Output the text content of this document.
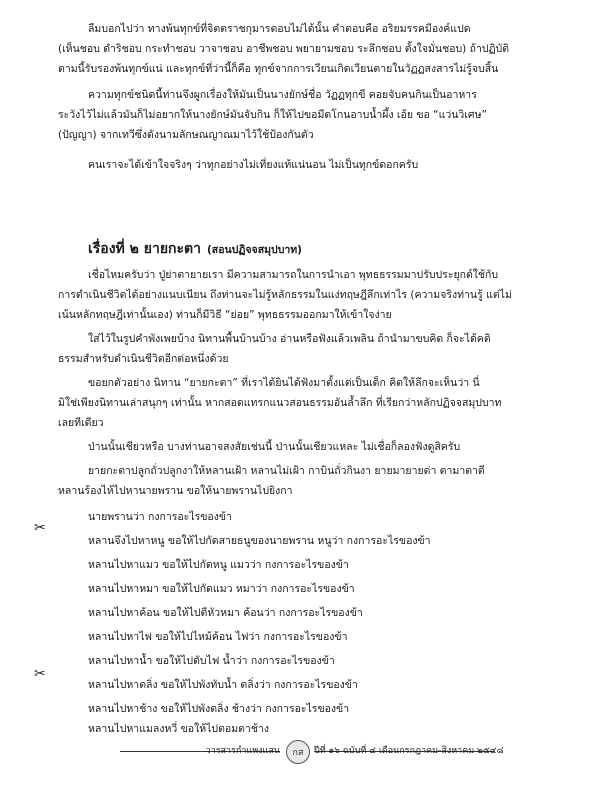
ลืมบอกไปว่า ทางพ้นทุกข์ที่จิตตราชกุมารตอบไม่ได้นั้น คำตอบคือ อริยมรรคมีองค์แปด
(เห็นชอบ ดำริชอบ กระทำชอบ วาจาชอบ อาชีพชอบ พยายามชอบ ระลึกชอบ ตั้งใจมั่นชอบ) ถ้าปฏิบัติ
ตามนี้รับรองพ้นทุกข์แน่ และทุกข์ที่ว่านี้ก็คือ ทุกข์จากการเวียนเกิดเวียนตายในวัฏฏสงสารไม่รู้จบสิ้น
ความทุกข์ชนิดนี้ท่านจึงผูกเรื่องให้มันเป็นนางยักษ์ชื่อ วัฏฏทุกขี คอยจับคนกินเป็นอาหาร
ระวังไว้ไม่แล้วมันก็ไม่อยากให้นางยักษ์มันจับกิน ก็ให้ไปขอมีดโกนอาบน้ำผึ้ง เอ้ย ขอ “แว่นวิเศษ”
(ปัญญา) จากเทวีซึ่งดังนามลักษณญาณมาไว้ใช้ป้องกันตัว
คนเราจะได้เข้าใจจริงๆ ว่าทุกอย่างไม่เที่ยงแท้แน่นอน ไม่เป็นทุกข์ดอกครับ
เรื่องที่ ๒ ยายกะตา (สอนปฏิจจสมุปบาท)
เชื่อไหมครับว่า ปู่ย่าตายายเรา มีความสามารถในการนำเอา พุทธธรรมมาปรับประยุกต์ใช้กับ
การดำเนินชีวิตได้อย่างแนบเนียน ถึงท่านจะไม่รู้หลักธรรมในแง่ทฤษฎีลึกเท่าไร (ความจริงท่านรู้ แต่ไม่
เน้นหลักทฤษฎีเท่านั้นเอง) ท่านก็มีวิธี “ย่อย” พุทธธรรมออกมาให้เข้าใจง่าย
ใส่ไว้ในรูปคำพังเพยบ้าง นิทานพื้นบ้านบ้าง อ่านหรือฟังแล้วเพลิน ถ้านำมาขบคิด ก็จะได้คติ
ธรรมสำหรับดำเนินชีวิตอีกต่อหนึ่งด้วย
ขอยกตัวอย่าง นิทาน “ยายกะตา” ที่เราได้ยินได้ฟังมาตั้งแต่เป็นเด็ก คิดให้ลึกจะเห็นว่า นี่
มิใช่เพียงนิทานเล่าสนุกๆ เท่านั้น หากสอดแทรกแนวสอนธรรมอันล้ำลึก ที่เรียกว่าหลักปฏิจจสมุปบาท
เลยทีเดียว
ป่านนั้นเชียวหรือ บางท่านอาจสงสัยเช่นนี้ ป่านนั้นเชียวแหละ ไม่เชื่อก็ลองฟังดูสิครับ
ยายกะตาปลูกถั่วปลูกงาให้หลานเฝ้า หลานไม่เฝ้า กาบินถั่วกินงา ยายมายายด่า ตามาตาตี
หลานร้องไห้ไปหานายพราน ขอให้นายพรานไปยิงกา
นายพรานว่า กงการอะไรของข้า
หลานจึงไปหาหนู ขอให้ไปกัดสายธนูของนายพราน หนูว่า กงการอะไรของข้า
หลานไปหาแมว ขอให้ไปกัดหนู แมวว่า กงการอะไรของข้า
หลานไปหาหมา ขอให้ไปกัดแมว หมาว่า กงการอะไรของข้า
หลานไปหาค้อน ขอให้ไปตีหัวหมา ค้อนว่า กงการอะไรของข้า
หลานไปหาไฟ ขอให้ไปไหม้ค้อน ไฟว่า กงการอะไรของข้า
หลานไปหาน้ำ ขอให้ไปดับไฟ น้ำว่า กงการอะไรของข้า
หลานไปหาตลิ่ง ขอให้ไปพังทับน้ำ ตลิ่งว่า กงการอะไรของข้า
หลานไปหาช้าง ขอให้ไปพังตลิ่ง ช้างว่า กงการอะไรของข้า
หลานไปหาแมลงหวี่ ขอให้ไปตอมตาช้าง
✂
✂
กส
วารสารกำแพงแสน	ปีที่ ๑๖ ฉบับที่ ๔ เดือนกรกฎาคม-สิงหาคม ๒๕๔๘
